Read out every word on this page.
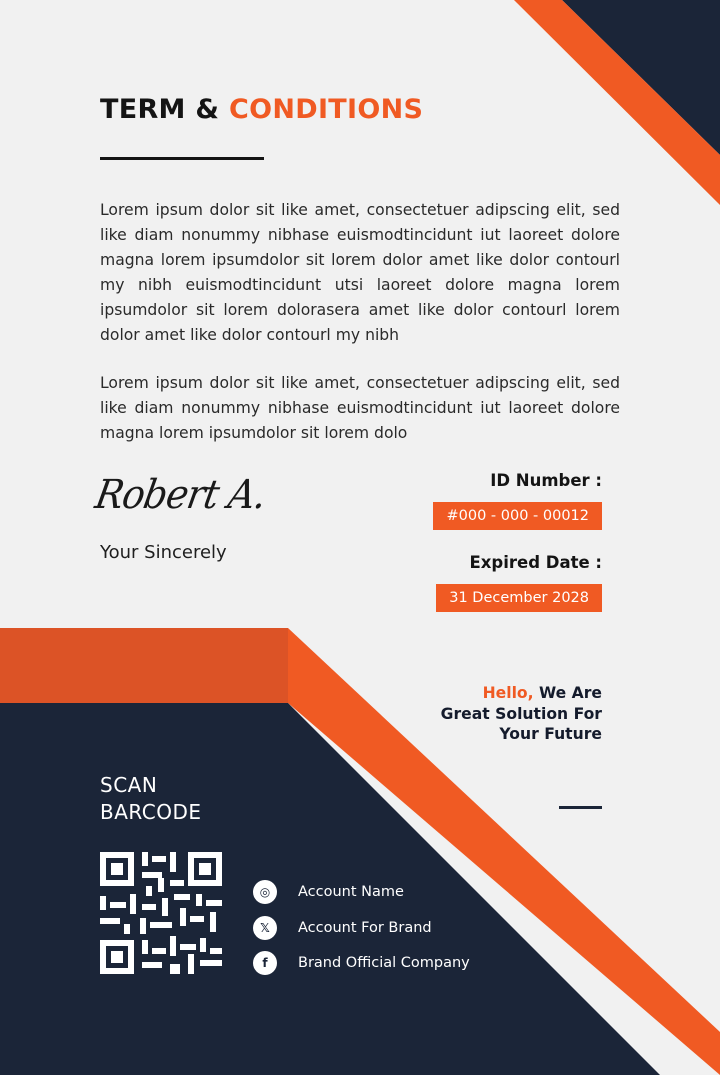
TERM & CONDITIONS

Lorem ipsum dolor sit like amet, consectetuer adipscing elit, sed like diam nonummy nibhase euismodtincidunt iut laoreet dolore magna lorem ipsumdolor sit lorem dolor amet like dolor contourl my nibh euismodtincidunt utsi laoreet dolore magna lorem ipsumdolor sit lorem dolorasera amet like dolor contourl lorem dolor amet like dolor contourl my nibh

Lorem ipsum dolor sit like amet, consectetuer adipscing elit, sed like diam nonummy nibhase euismodtincidunt iut laoreet dolore magna lorem ipsumdolor sit lorem dolo

Robert A.
Your Sincerely

ID Number :

#000 - 000 - 00012

Expired Date :

31 December 2028

Hello, We Are
Great Solution For
Your Future

SCAN
BARCODE

◎	Account Name
𝕏	Account For Brand
f	Brand Official Company
